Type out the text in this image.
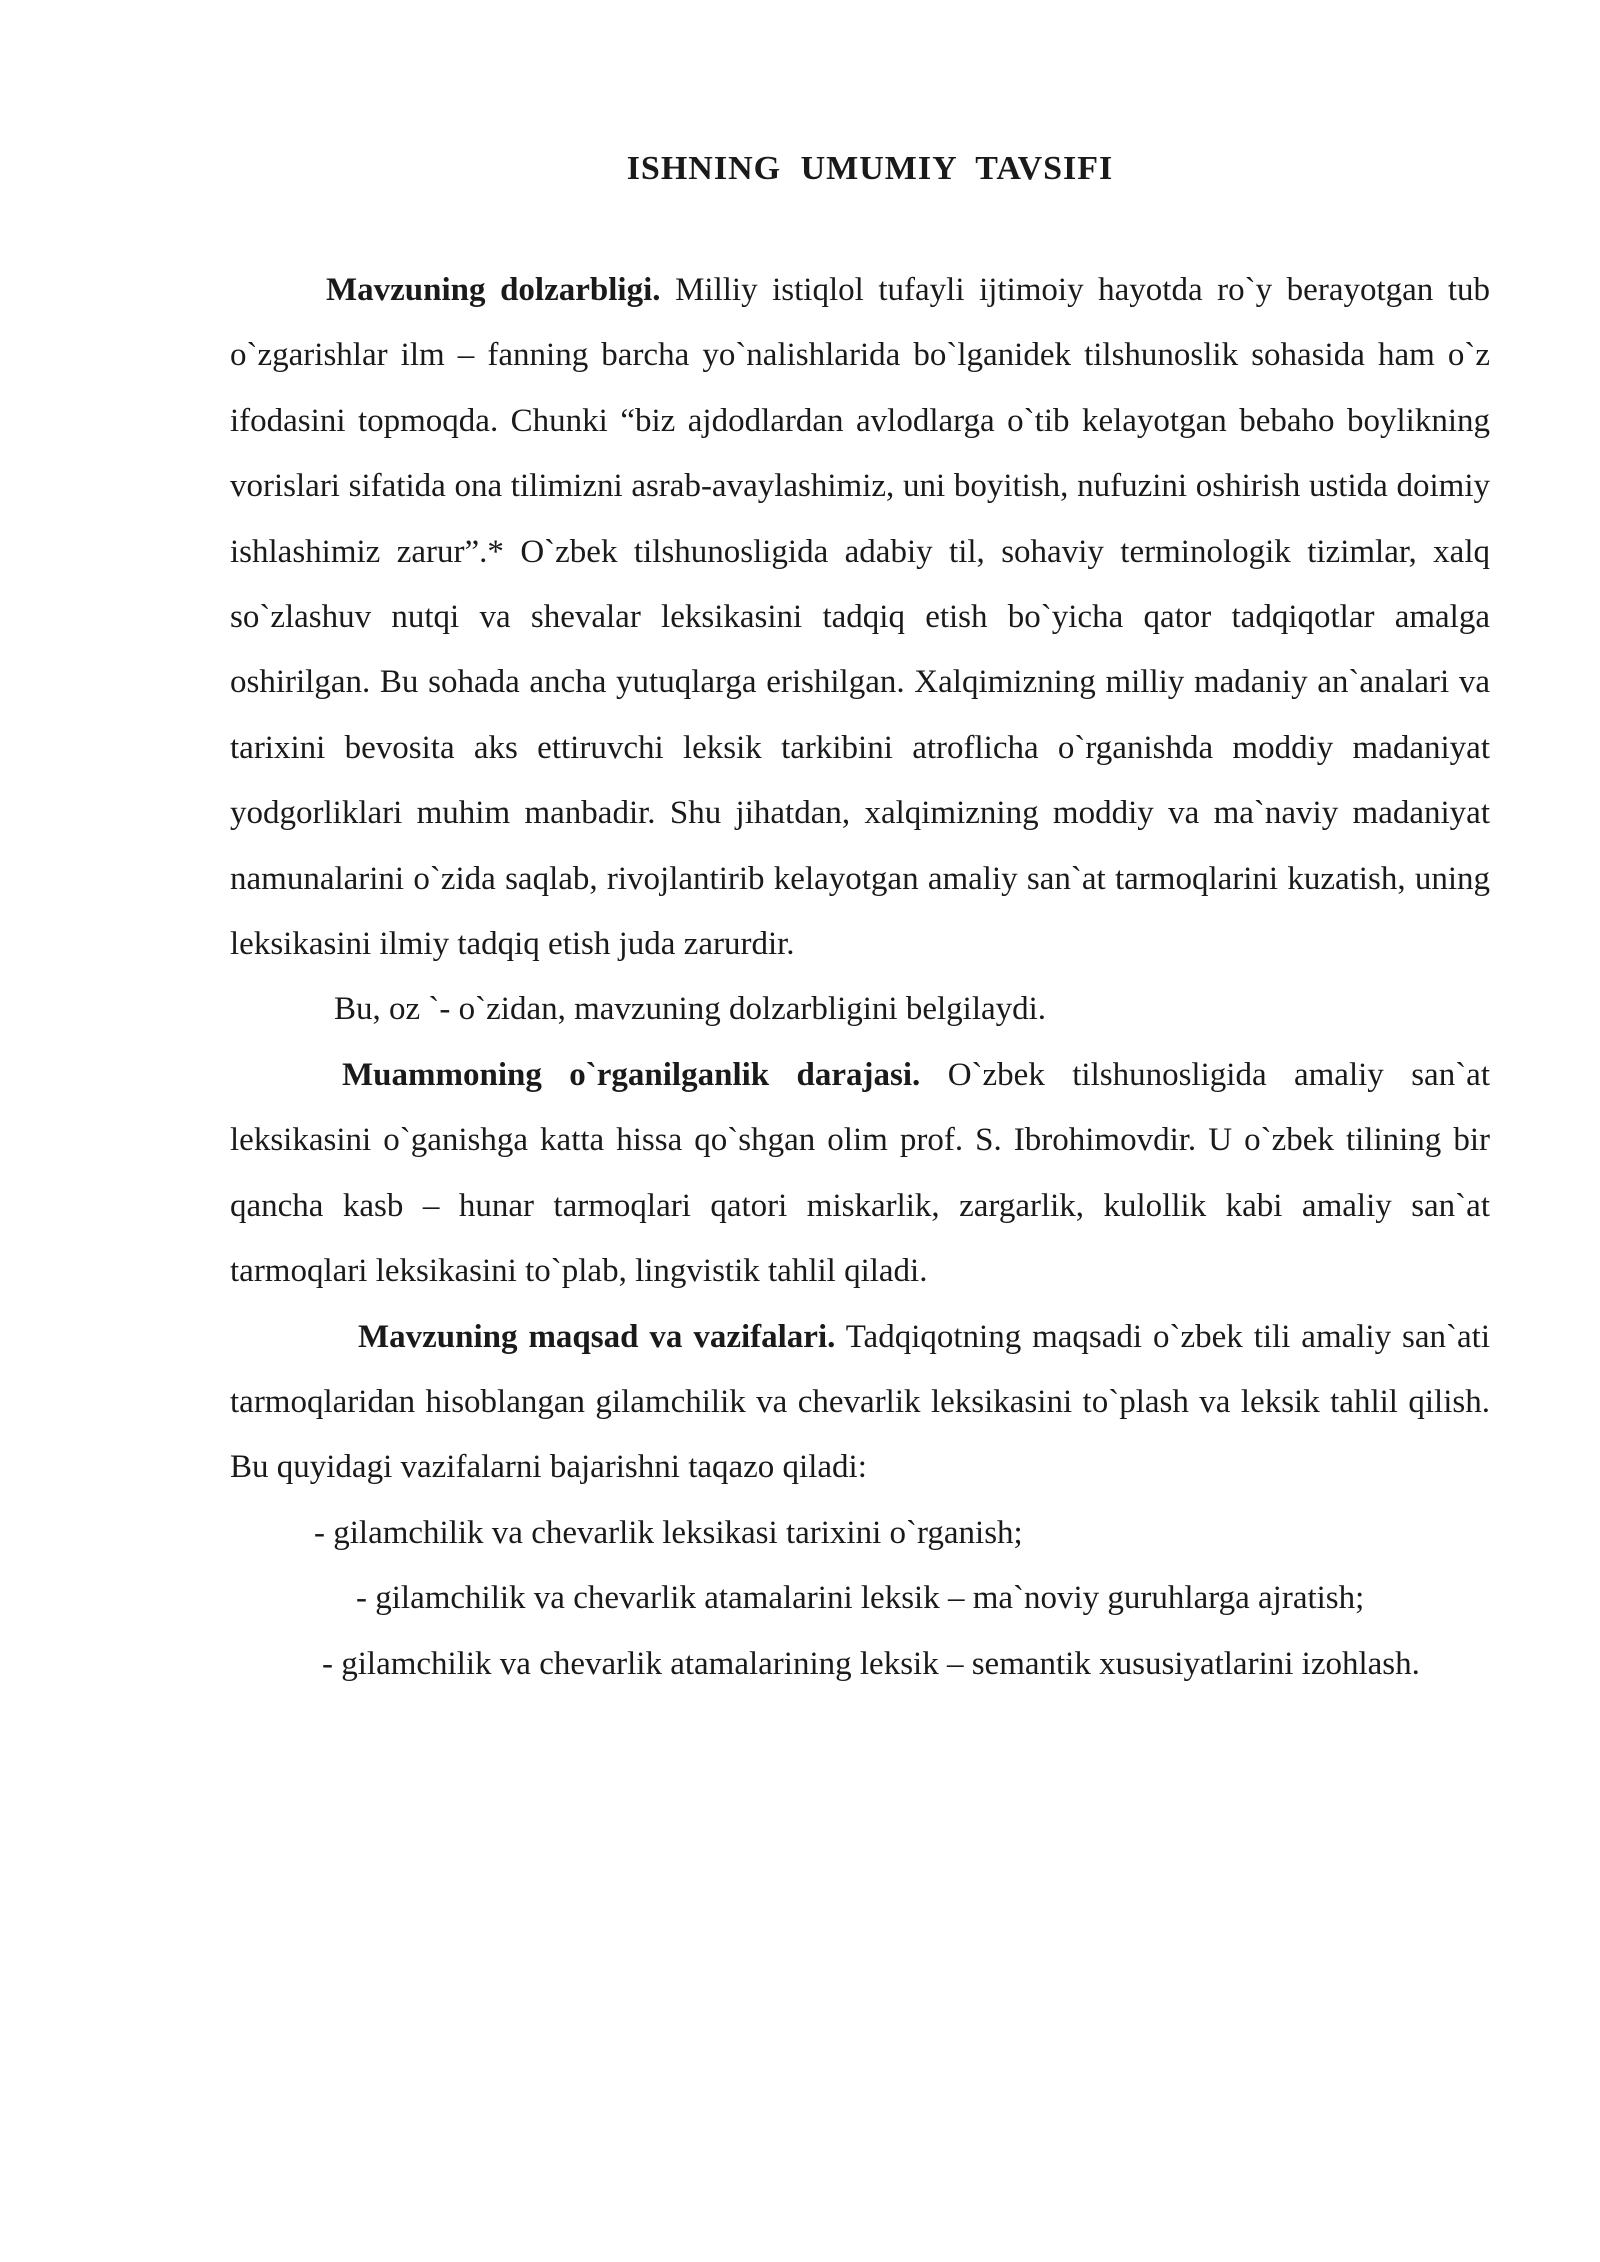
ISHNING UMUMIY TAVSIFI

Mavzuning dolzarbligi. Milliy istiqlol tufayli ijtimoiy hayotda ro`y berayotgan tub o`zgarishlar ilm – fanning barcha yo`nalishlarida bo`lganidek tilshunoslik sohasida ham o`z ifodasini topmoqda. Chunki “biz ajdodlardan avlodlarga o`tib kelayotgan bebaho boylikning vorislari sifatida ona tilimizni asrab-avaylashimiz, uni boyitish, nufuzini oshirish ustida doimiy ishlashimiz zarur”.* O`zbek tilshunosligida adabiy til, sohaviy terminologik tizimlar, xalq so`zlashuv nutqi va shevalar leksikasini tadqiq etish bo`yicha qator tadqiqotlar amalga oshirilgan. Bu sohada ancha yutuqlarga erishilgan. Xalqimizning milliy madaniy an`analari va tarixini bevosita aks ettiruvchi leksik tarkibini atroflicha o`rganishda moddiy madaniyat yodgorliklari muhim manbadir. Shu jihatdan, xalqimizning moddiy va ma`naviy madaniyat namunalarini o`zida saqlab, rivojlantirib kelayotgan amaliy san`at tarmoqlarini kuzatish, uning leksikasini ilmiy tadqiq etish juda zarurdir.

Bu, oz `- o`zidan, mavzuning dolzarbligini belgilaydi.

Muammoning o`rganilganlik darajasi. O`zbek tilshunosligida amaliy san`at leksikasini o`ganishga katta hissa qo`shgan olim prof. S. Ibrohimovdir. U o`zbek tilining bir qancha kasb – hunar tarmoqlari qatori miskarlik, zargarlik, kulollik kabi amaliy san`at tarmoqlari leksikasini to`plab, lingvistik tahlil qiladi.

Mavzuning maqsad va vazifalari. Tadqiqotning maqsadi o`zbek tili amaliy san`ati tarmoqlaridan hisoblangan gilamchilik va chevarlik leksikasini to`plash va leksik tahlil qilish. Bu quyidagi vazifalarni bajarishni taqazo qiladi:

- gilamchilik va chevarlik leksikasi tarixini o`rganish;

- gilamchilik va chevarlik atamalarini leksik – ma`noviy guruhlarga ajratish;

- gilamchilik va chevarlik atamalarining leksik – semantik xususiyatlarini izohlash.
